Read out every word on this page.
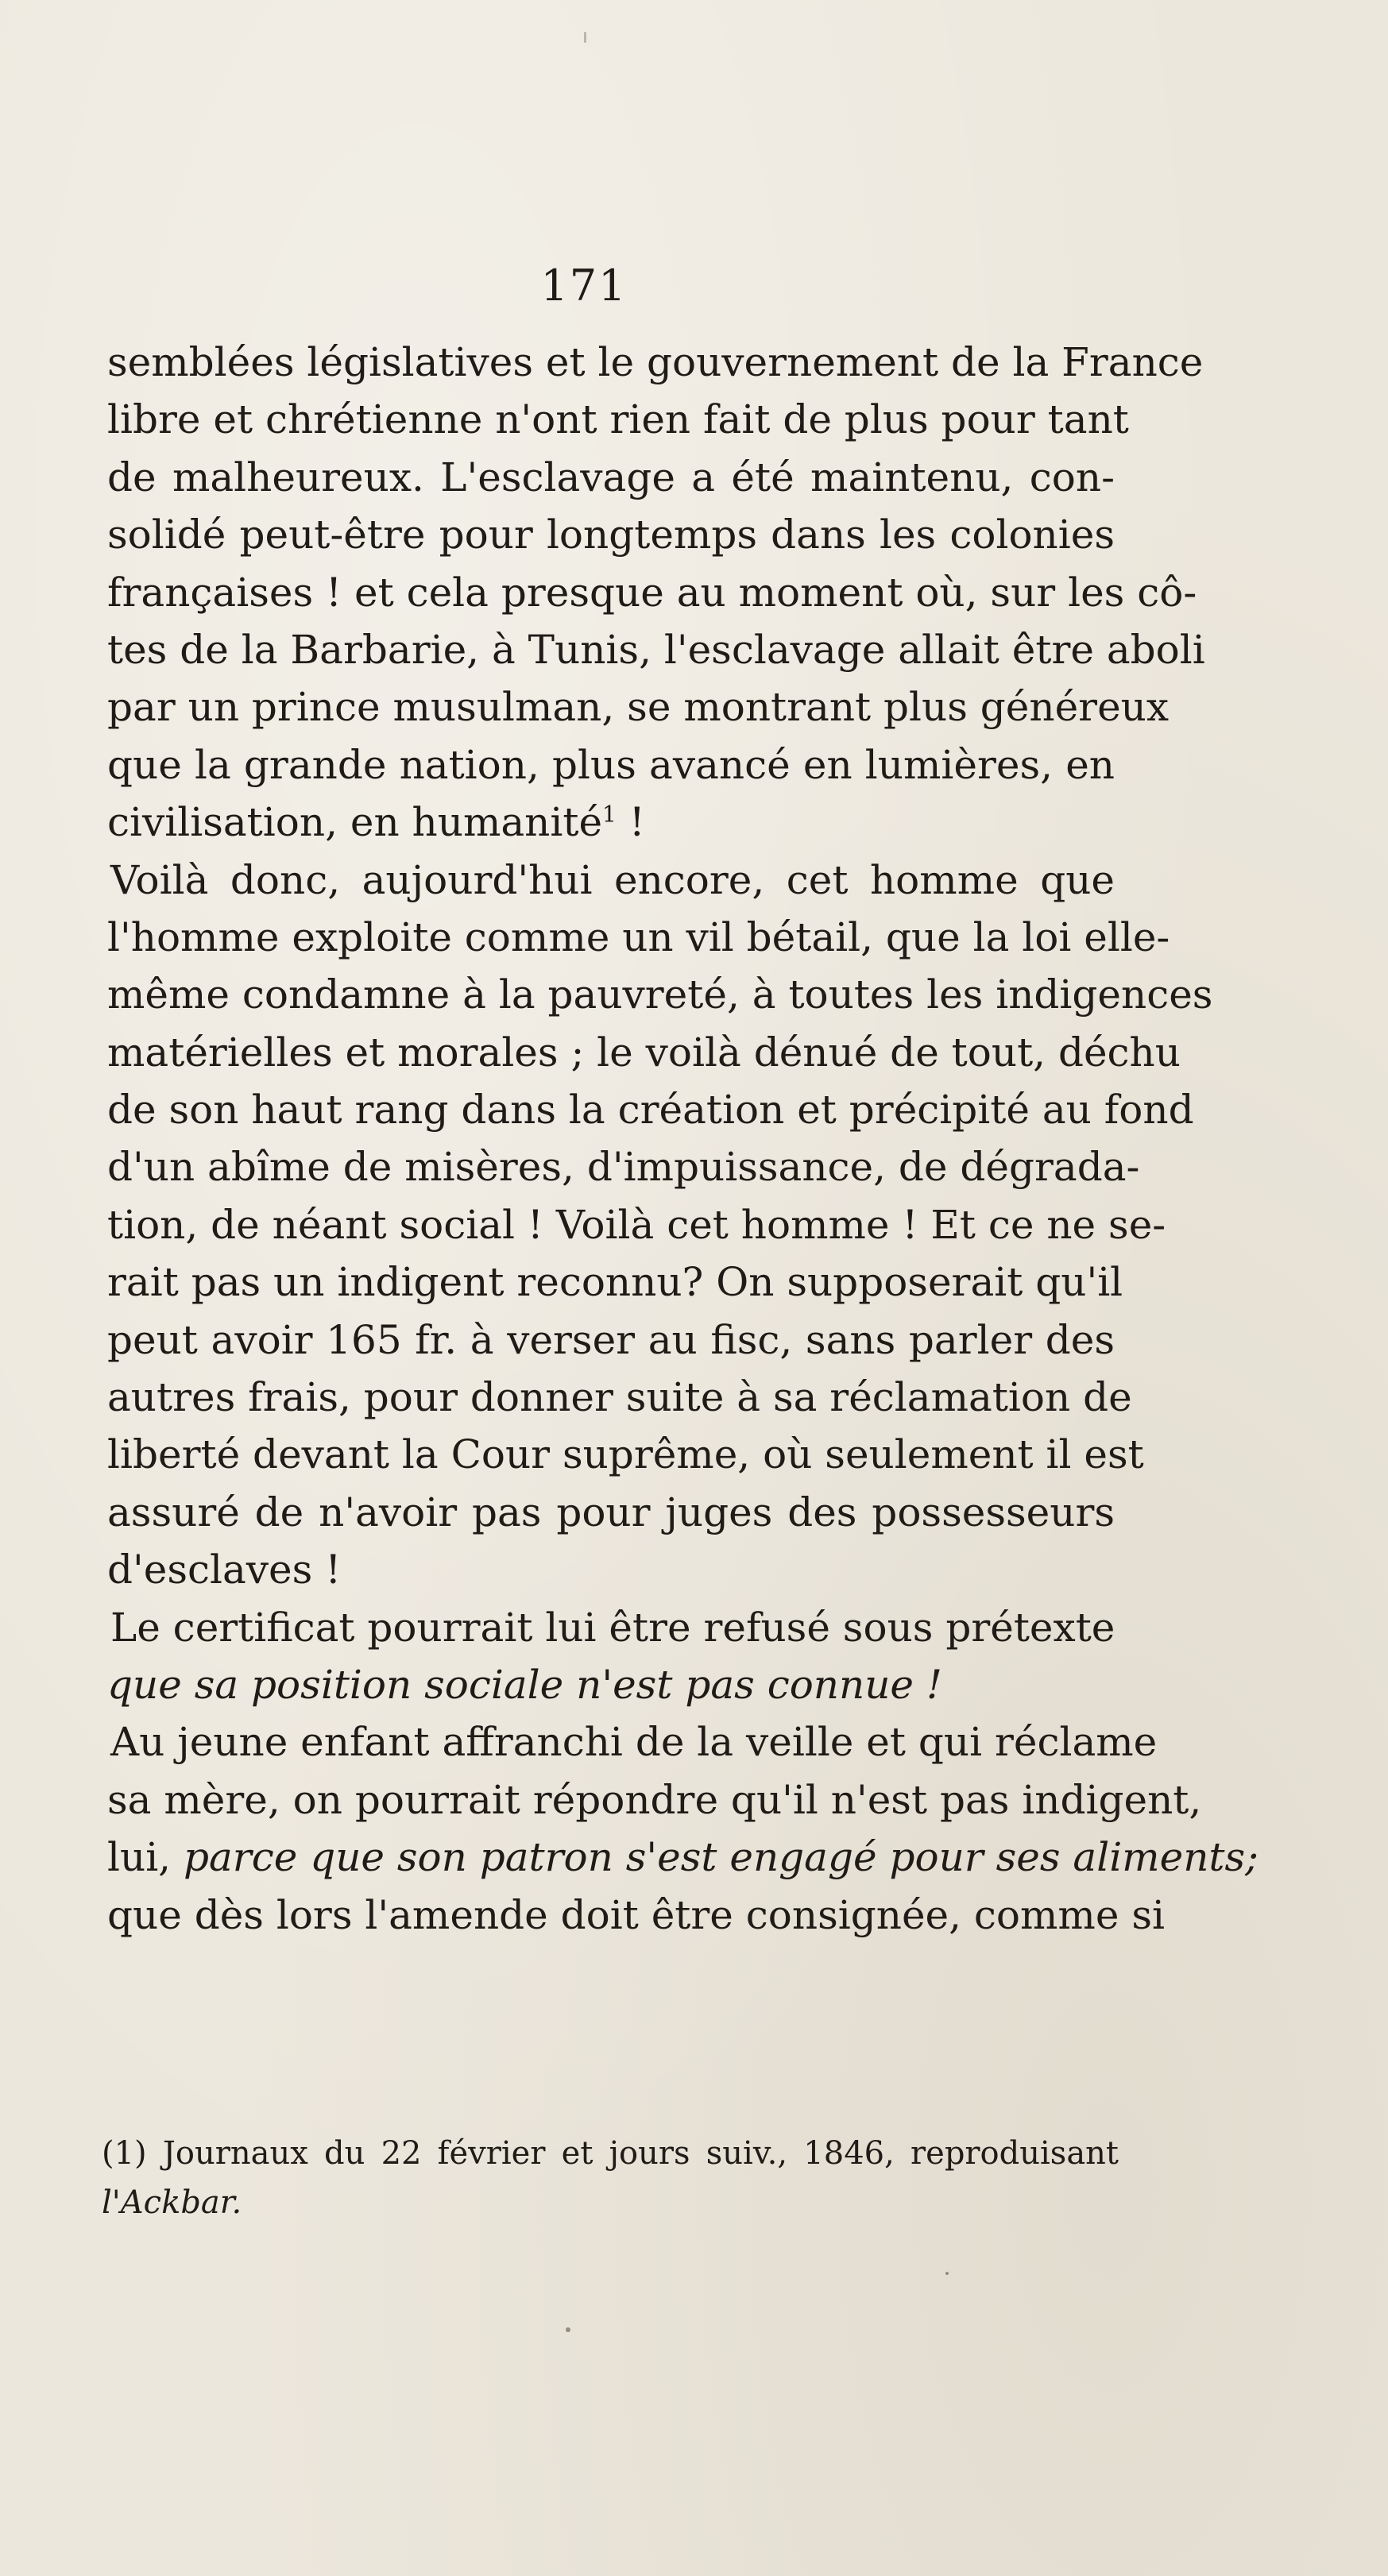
171
semblées législatives et le gouvernement de la France
libre et chrétienne n'ont rien fait de plus pour tant
de malheureux. L'esclavage a été maintenu, con-
solidé peut-être pour longtemps dans les colonies
françaises ! et cela presque au moment où, sur les cô-
tes de la Barbarie, à Tunis, l'esclavage allait être aboli
par un prince musulman, se montrant plus généreux
que la grande nation, plus avancé en lumières, en
civilisation, en humanité$^1$ !
Voilà donc, aujourd'hui encore, cet homme que
l'homme exploite comme un vil bétail, que la loi elle-
même condamne à la pauvreté, à toutes les indigences
matérielles et morales ; le voilà dénué de tout, déchu
de son haut rang dans la création et précipité au fond
d'un abîme de misères, d'impuissance, de dégrada-
tion, de néant social ! Voilà cet homme ! Et ce ne se-
rait pas un indigent reconnu? On supposerait qu'il
peut avoir 165 fr. à verser au fisc, sans parler des
autres frais, pour donner suite à sa réclamation de
liberté devant la Cour suprême, où seulement il est
assuré de n'avoir pas pour juges des possesseurs
d'esclaves !
Le certificat pourrait lui être refusé sous prétexte
que sa position sociale n'est pas connue !
Au jeune enfant affranchi de la veille et qui réclame
sa mère, on pourrait répondre qu'il n'est pas indigent,
lui, parce que son patron s'est engagé pour ses aliments;
que dès lors l'amende doit être consignée, comme si
(1) Journaux du 22 février et jours suiv., 1846, reproduisant
l'Ackbar.
